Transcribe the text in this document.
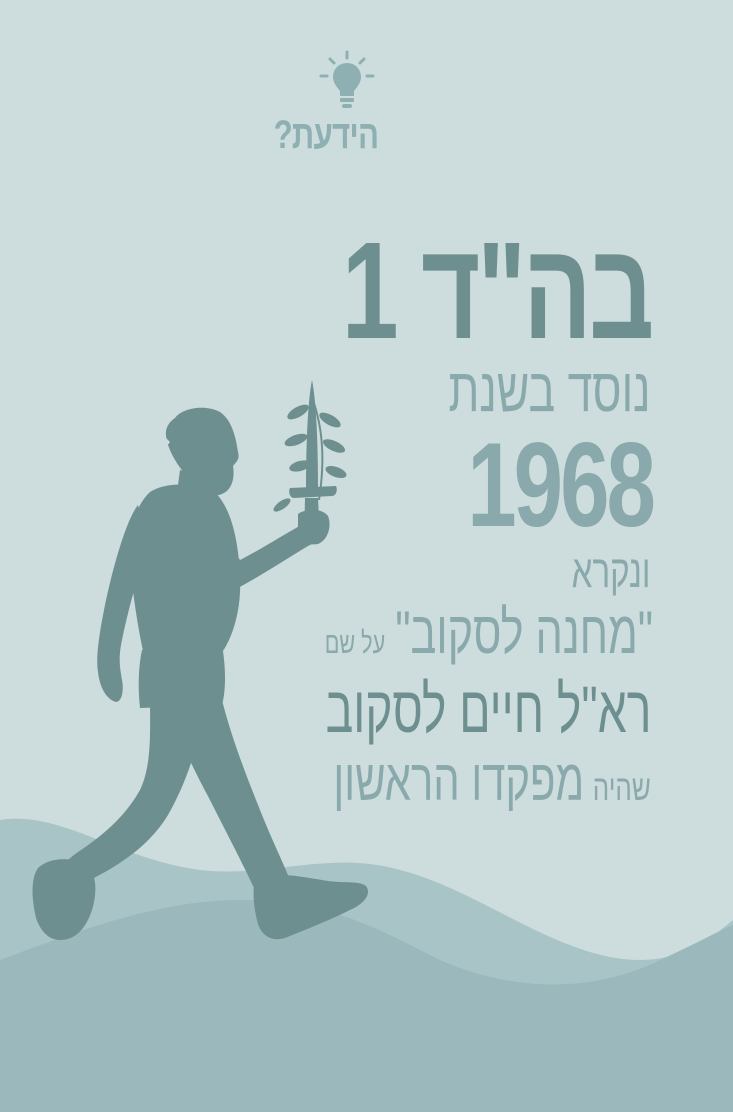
הידעת?
בה"ד 1
נוסד בשנת
1968
ונקרא
"מחנה לסקוב"על שם
רא"ל חיים לסקוב
שהיהמפקדו הראשון
